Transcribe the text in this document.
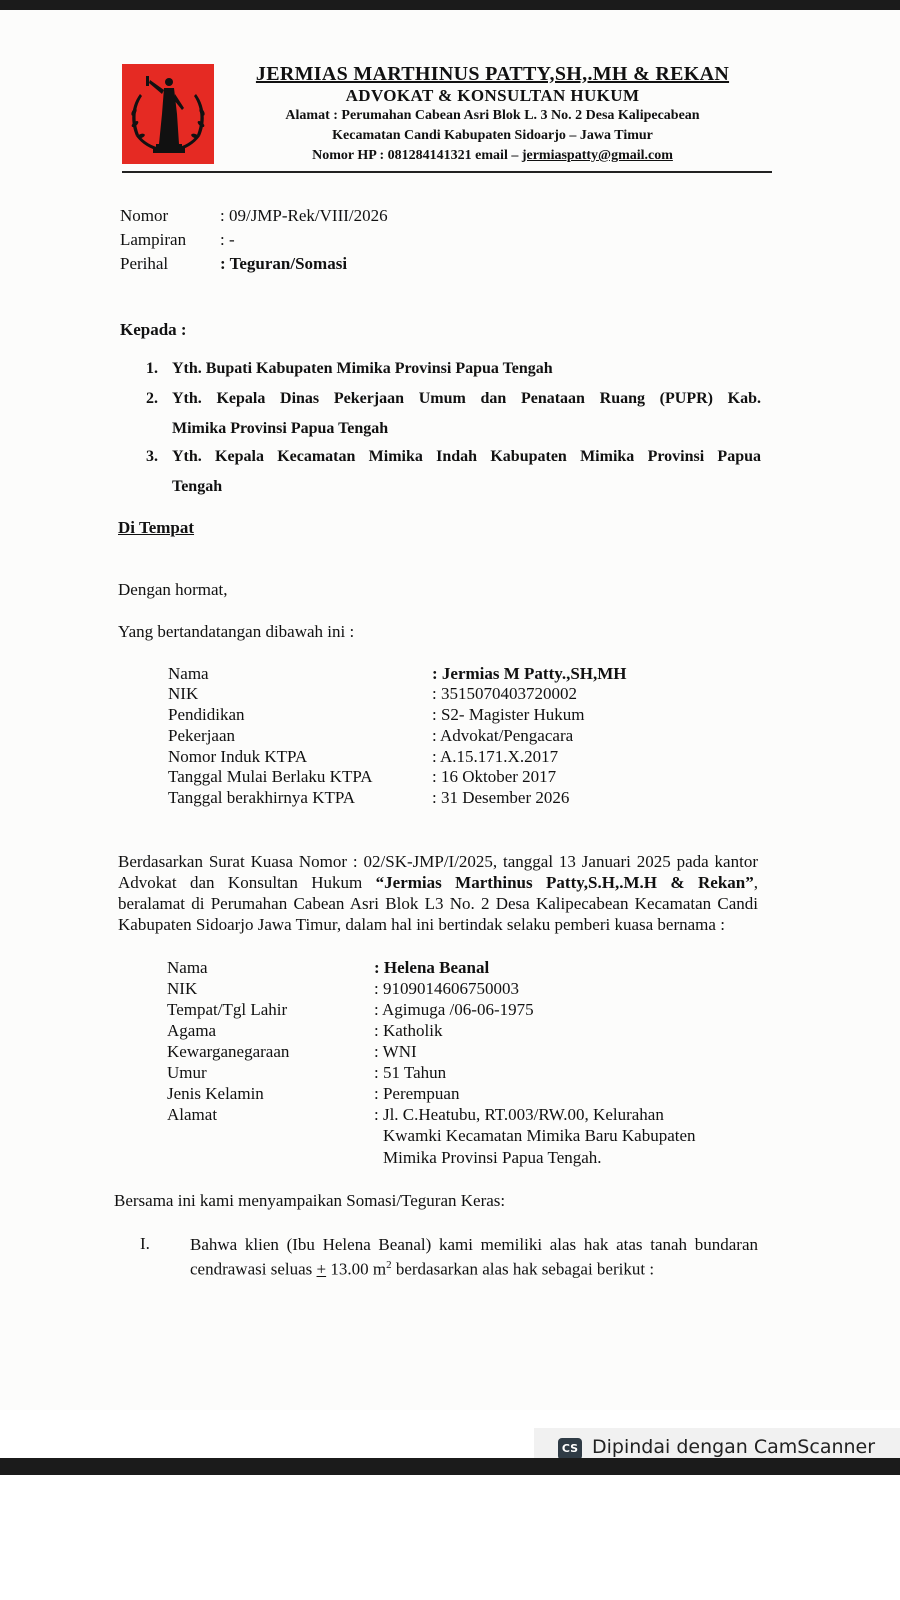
JERMIAS MARTHINUS PATTY,SH,.MH & REKAN

ADVOKAT & KONSULTAN HUKUM

Alamat : Perumahan Cabean Asri Blok L. 3 No. 2 Desa Kalipecabean

Kecamatan Candi Kabupaten Sidoarjo – Jawa Timur

Nomor HP : 081284141321 email – jermiaspatty@gmail.com

Nomor	: 09/JMP-Rek/VIII/2026
Lampiran : -
Perihal	: Teguran/Somasi
Kepada :
1. Yth. Bupati Kabupaten Mimika Provinsi Papua Tengah
2. Yth. Kepala Dinas Pekerjaan Umum dan Penataan Ruang (PUPR) Kab.
Mimika Provinsi Papua Tengah
3. Yth. Kepala Kecamatan Mimika Indah Kabupaten Mimika Provinsi Papua
Tengah
Di Tempat
Dengan hormat,
Yang bertandatangan dibawah ini :
Nama	: Jermias M Patty.,SH,MH
NIK	: 3515070403720002
Pendidikan	: S2- Magister Hukum
Pekerjaan	: Advokat/Pengacara
Nomor Induk KTPA	: A.15.171.X.2017
Tanggal Mulai Berlaku KTPA	: 16 Oktober 2017
Tanggal berakhirnya KTPA	: 31 Desember 2026
Berdasarkan Surat Kuasa Nomor : 02/SK-JMP/I/2025, tanggal 13 Januari 2025 pada kantor
Advokat dan Konsultan Hukum “Jermias Marthinus Patty,S.H,.M.H & Rekan”,
beralamat di Perumahan Cabean Asri Blok L3 No. 2 Desa Kalipecabean Kecamatan Candi
Kabupaten Sidoarjo Jawa Timur, dalam hal ini bertindak selaku pemberi kuasa bernama :
Nama	: Helena Beanal
NIK	: 9109014606750003
Tempat/Tgl Lahir	: Agimuga /06-06-1975
Agama	: Katholik
Kewarganegaraan	: WNI
Umur	: 51 Tahun
Jenis Kelamin	: Perempuan
Alamat	: Jl. C.Heatubu, RT.003/RW.00, Kelurahan
Kwamki Kecamatan Mimika Baru Kabupaten
Mimika Provinsi Papua Tengah.
Bersama ini kami menyampaikan Somasi/Teguran Keras:
I. Bahwa klien (Ibu Helena Beanal) kami memiliki alas hak atas tanah bundaran
cendrawasi seluas + 13.00 $m^2$ berdasarkan alas hak sebagai berikut :
CS Dipindai dengan CamScanner
